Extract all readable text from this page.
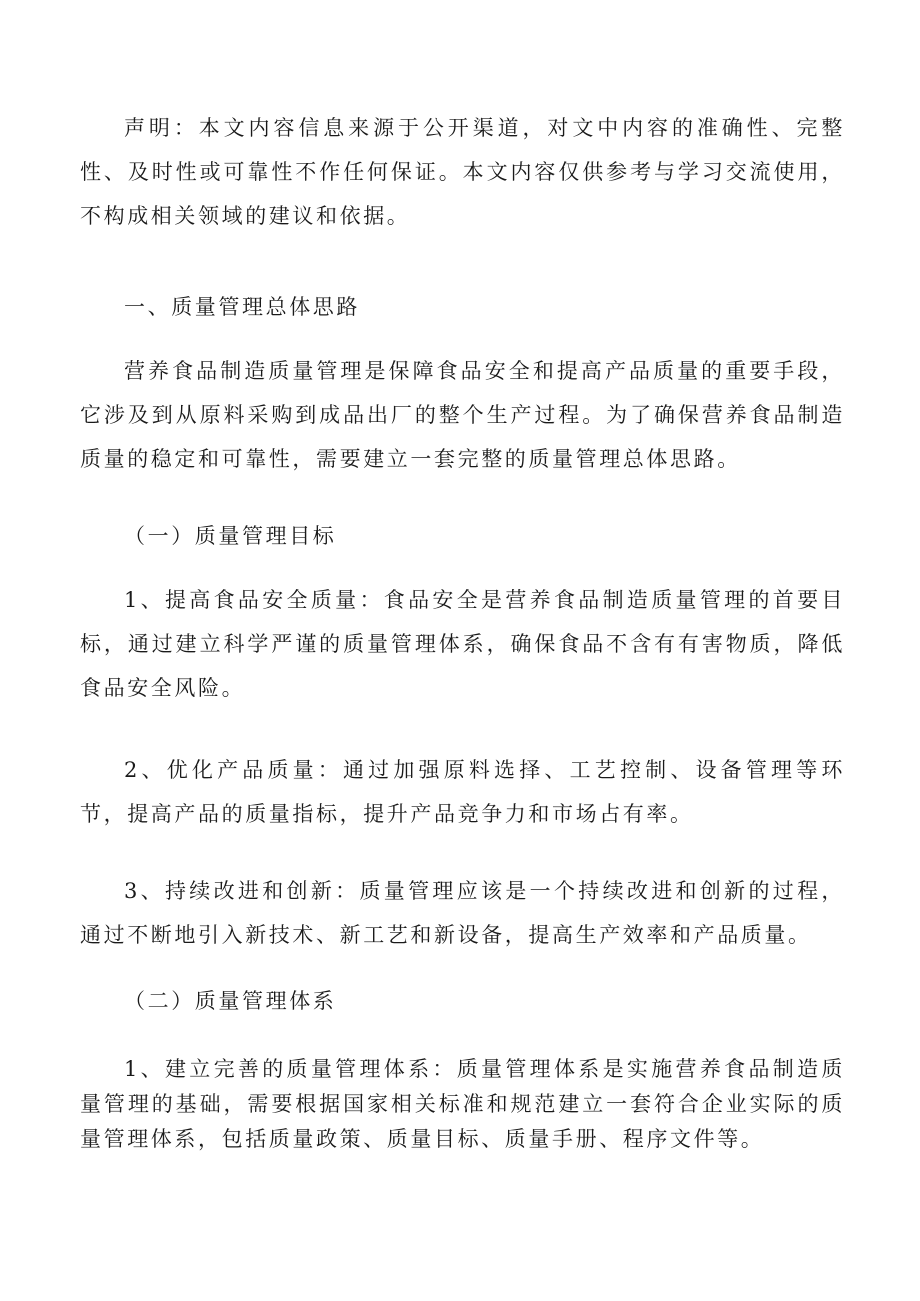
声明：本文内容信息来源于公开渠道，对文中内容的准确性、完整性、及时性或可靠性不作任何保证。本文内容仅供参考与学习交流使用，不构成相关领域的建议和依据。

一、质量管理总体思路

营养食品制造质量管理是保障食品安全和提高产品质量的重要手段，它涉及到从原料采购到成品出厂的整个生产过程。为了确保营养食品制造质量的稳定和可靠性，需要建立一套完整的质量管理总体思路。

（一）质量管理目标

1、提高食品安全质量：食品安全是营养食品制造质量管理的首要目标，通过建立科学严谨的质量管理体系，确保食品不含有有害物质，降低食品安全风险。

2、优化产品质量：通过加强原料选择、工艺控制、设备管理等环节，提高产品的质量指标，提升产品竞争力和市场占有率。

3、持续改进和创新：质量管理应该是一个持续改进和创新的过程，通过不断地引入新技术、新工艺和新设备，提高生产效率和产品质量。

（二）质量管理体系

1、建立完善的质量管理体系：质量管理体系是实施营养食品制造质量管理的基础，需要根据国家相关标准和规范建立一套符合企业实际的质量管理体系，包括质量政策、质量目标、质量手册、程序文件等。
